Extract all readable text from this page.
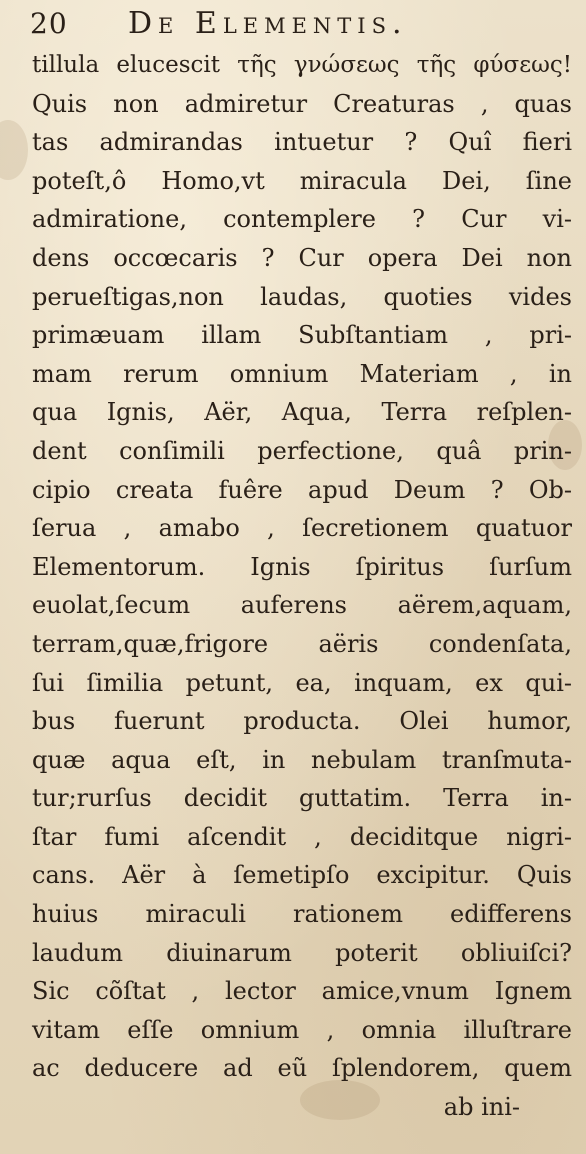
20	De Elementis.
tillula elucescit τῆς γνώσεως τῆς φύσεως!
Quis non admiretur Creaturas , quas
tas admirandas intuetur ? Quî fieri
poteſt,ô Homo,vt miracula Dei, ſine
admiratione, contemplere ? Cur vi-
dens occœcaris ? Cur opera Dei non
perueſtigas,non laudas, quoties vides
primæuam illam Subſtantiam , pri-
mam rerum omnium Materiam , in
qua Ignis, Aër, Aqua, Terra reſplen-
dent conſimili perfectione, quâ prin-
cipio creata fuêre apud Deum ? Ob-
ſerua , amabo , ſecretionem quatuor
Elementorum. Ignis ſpiritus ſurſum
euolat,ſecum auferens aërem,aquam,
terram,quæ,frigore aëris condenſata,
ſui ſimilia petunt, ea, inquam, ex qui-
bus fuerunt producta. Olei humor,
quæ aqua eſt, in nebulam tranſmuta-
tur;rurſus decidit guttatim. Terra in-
ſtar fumi aſcendit , deciditque nigri-
cans. Aër à ſemetipſo excipitur. Quis
huius miraculi rationem edifferens
laudum diuinarum poterit obliuiſci?
Sic cõſtat , lector amice,vnum Ignem
vitam eſſe omnium , omnia illuſtrare
ac deducere ad eũ ſplendorem, quem
ab ini-
